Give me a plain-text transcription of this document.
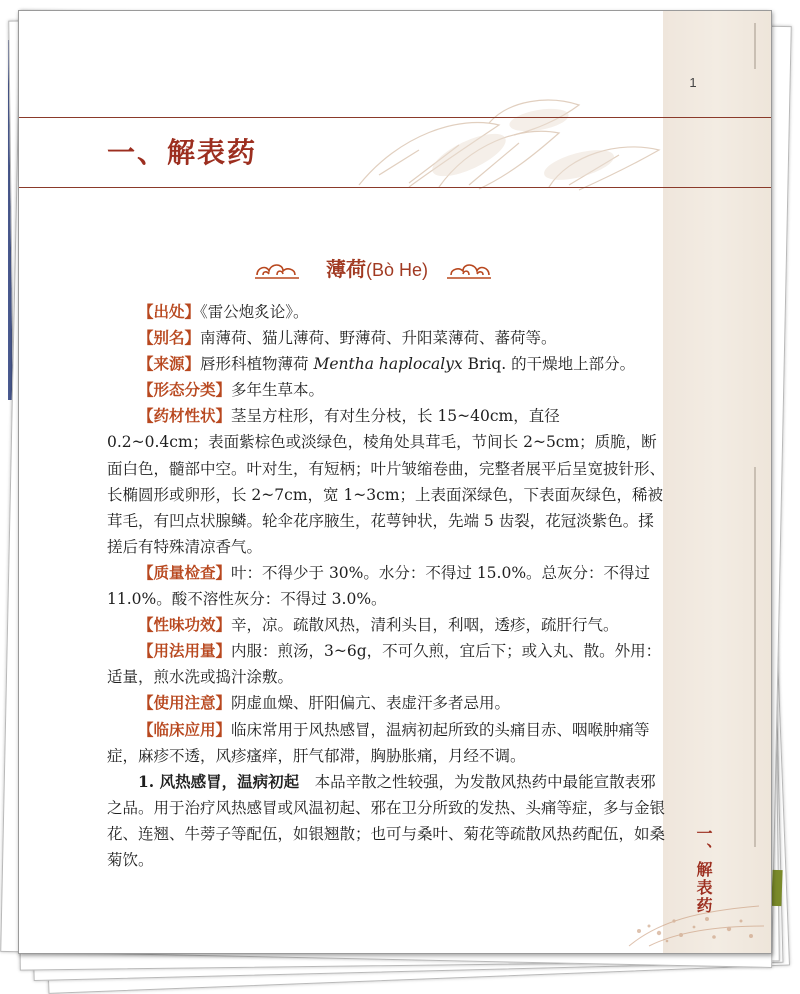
1
一、解表药
薄荷(Bò He)

【出处】《雷公炮炙论》。

【别名】南薄荷、猫儿薄荷、野薄荷、升阳菜薄荷、蕃荷等。

【来源】唇形科植物薄荷 Mentha haplocalyx Briq. 的干燥地上部分。

【形态分类】多年生草本。

【药材性状】茎呈方柱形，有对生分枝，长 15~40cm，直径 0.2~0.4cm；表面紫棕色或淡绿色，棱角处具茸毛，节间长 2~5cm；质脆，断面白色，髓部中空。叶对生，有短柄；叶片皱缩卷曲，完整者展平后呈宽披针形、长椭圆形或卵形，长 2~7cm，宽 1~3cm；上表面深绿色，下表面灰绿色，稀被茸毛，有凹点状腺鳞。轮伞花序腋生，花萼钟状，先端 5 齿裂，花冠淡紫色。揉搓后有特殊清凉香气。

【质量检查】叶：不得少于 30%。水分：不得过 15.0%。总灰分：不得过 11.0%。酸不溶性灰分：不得过 3.0%。

【性味功效】辛，凉。疏散风热，清利头目，利咽，透疹，疏肝行气。

【用法用量】内服：煎汤，3~6g，不可久煎，宜后下；或入丸、散。外用：适量，煎水洗或捣汁涂敷。

【使用注意】阴虚血燥、肝阳偏亢、表虚汗多者忌用。

【临床应用】临床常用于风热感冒，温病初起所致的头痛目赤、咽喉肿痛等症，麻疹不透，风疹瘙痒，肝气郁滞，胸胁胀痛，月经不调。

1. 风热感冒，温病初起　本品辛散之性较强，为发散风热药中最能宣散表邪之品。用于治疗风热感冒或风温初起、邪在卫分所致的发热、头痛等症，多与金银花、连翘、牛蒡子等配伍，如银翘散；也可与桑叶、菊花等疏散风热药配伍，如桑菊饮。	一、解表药
